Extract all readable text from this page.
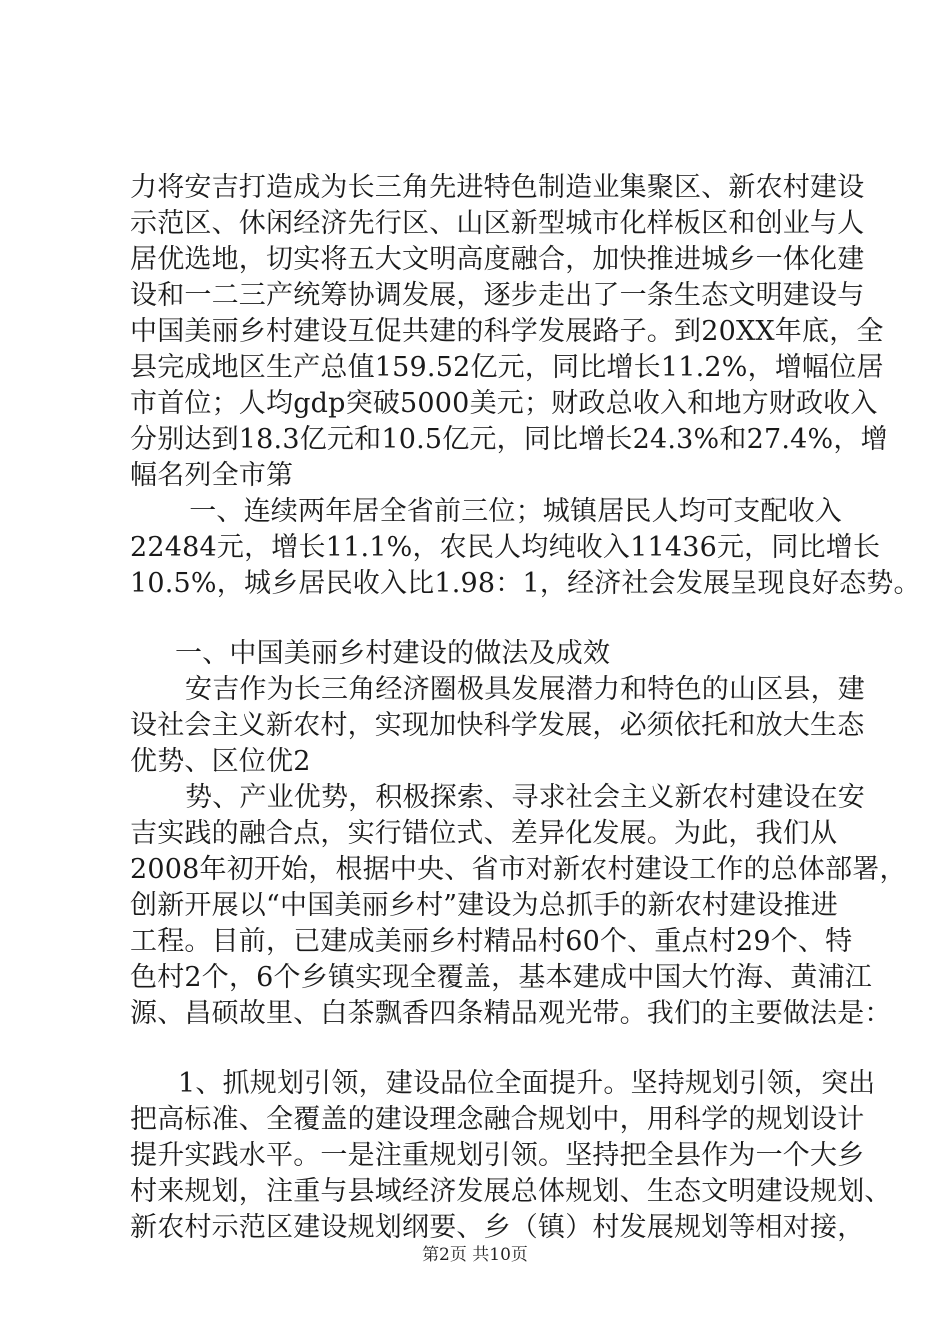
力将安吉打造成为长三角先进特色制造业集聚区、新农村建设
示范区、休闲经济先行区、山区新型城市化样板区和创业与人
居优选地，切实将五大文明高度融合，加快推进城乡一体化建
设和一二三产统筹协调发展，逐步走出了一条生态文明建设与
中国美丽乡村建设互促共建的科学发展路子。到20XX年底，全
县完成地区生产总值159.52亿元，同比增长11.2%，增幅位居
市首位；人均gdp突破5000美元；财政总收入和地方财政收入
分别达到18.3亿元和10.5亿元，同比增长24.3%和27.4%，增
幅名列全市第
　一、连续两年居全省前三位；城镇居民人均可支配收入
22484元，增长11.1%，农民人均纯收入11436元，同比增长
10.5%，城乡居民收入比1.98：1，经济社会发展呈现良好态势。
一、中国美丽乡村建设的做法及成效
安吉作为长三角经济圈极具发展潜力和特色的山区县，建
设社会主义新农村，实现加快科学发展，必须依托和放大生态
优势、区位优2
势、产业优势，积极探索、寻求社会主义新农村建设在安
吉实践的融合点，实行错位式、差异化发展。为此，我们从
2008年初开始，根据中央、省市对新农村建设工作的总体部署，
创新开展以“中国美丽乡村”建设为总抓手的新农村建设推进
工程。目前，已建成美丽乡村精品村60个、重点村29个、特
色村2个，6个乡镇实现全覆盖，基本建成中国大竹海、黄浦江
源、昌硕故里、白茶飘香四条精品观光带。我们的主要做法是：
1、抓规划引领，建设品位全面提升。坚持规划引领，突出
把高标准、全覆盖的建设理念融合规划中，用科学的规划设计
提升实践水平。一是注重规划引领。坚持把全县作为一个大乡
村来规划，注重与县域经济发展总体规划、生态文明建设规划、
新农村示范区建设规划纲要、乡（镇）村发展规划等相对接，
第2页 共10页
